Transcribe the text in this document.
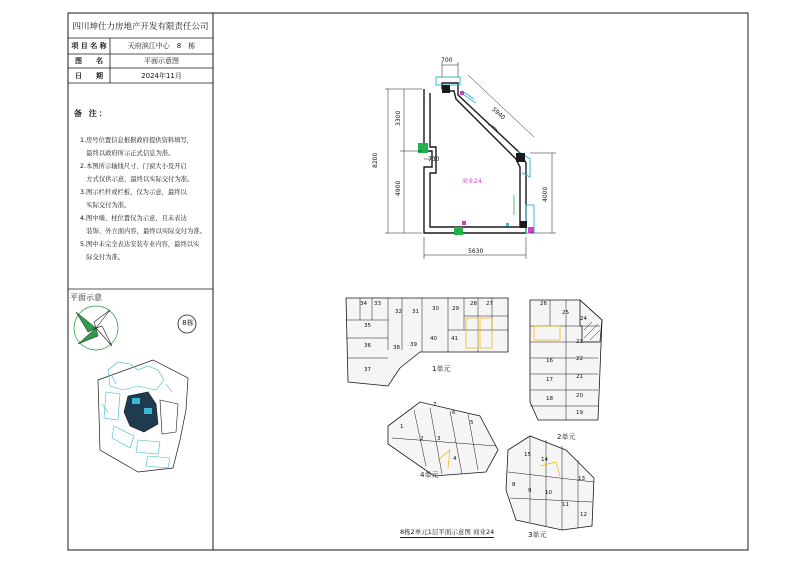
四川坤仕力房地产开发有限责任公司
项 目 名 称	天府滨江中心　8　栋
图　　名	平面示意图
日　　期	2024年11月
备 注：
1.房号位置信息根据政府提供资料填写，
　最终以政府所示正式信息为准。
2.本图所示轴线尺寸、门窗大小及开启
　方式仅供示意，最终以实际交付为准。
3.图示栏杆或栏板，仅为示意，最终以
　实际交付为准。
4.图中墙、柱位置仅为示意，且未表达
　装饰、外立面内容，最终以实际交付为准。
5.图中未完全表达安装专业内容，最终以实
　际交付为准。
平面示意
8栋
700
5940
8200
3300
4900
730
4000
5630
商业24
34 33
32 31 30 29
28 27
35
36
37
38 39
40	41
1单元
26
25
24
23
22
16
21
17
18	20
19
2单元
7
6
5
1
2 3
4
4单元
15
14
9 10
11
12
13
8
3单元
8栋2单元1层平面示意图 商业24
